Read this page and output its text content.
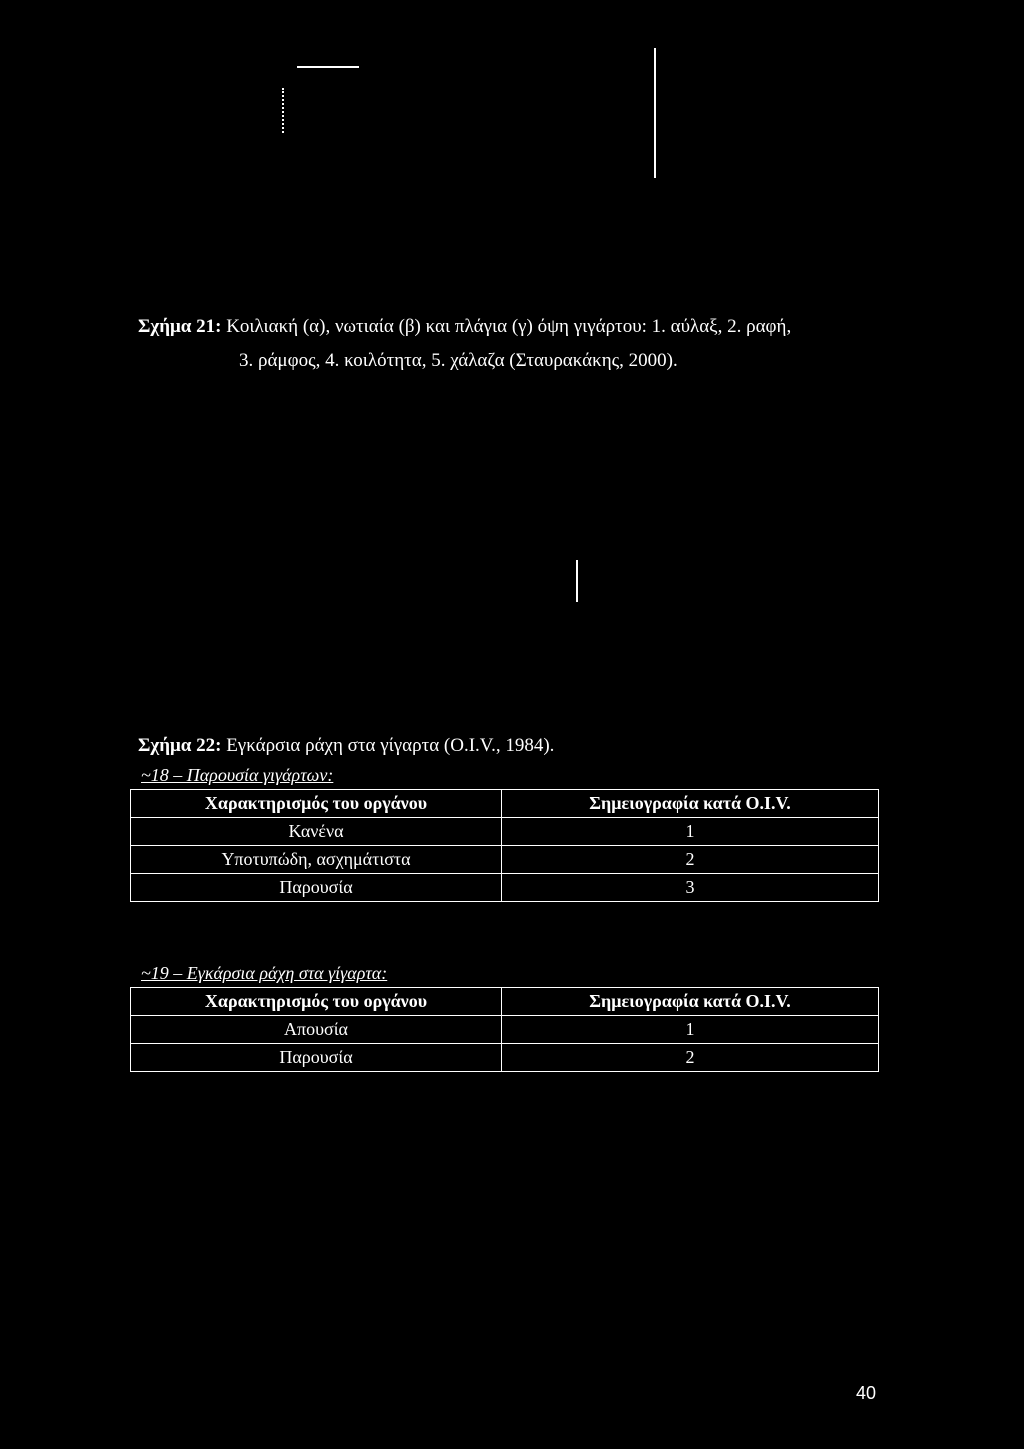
Σχήμα 21: Κοιλιακή (α), νωτιαία (β) και πλάγια (γ) όψη γιγάρτου: 1. αύλαξ, 2. ραφή,
3. ράμφος, 4. κοιλότητα, 5. χάλαζα (Σταυρακάκης, 2000).
Σχήμα 22: Εγκάρσια ράχη στα γίγαρτα (O.I.V., 1984).
~18 – Παρουσία γιγάρτων:
Χαρακτηρισμός του οργάνου	Σημειογραφία κατά O.I.V.
Κανένα	1
Υποτυπώδη, ασχημάτιστα	2
Παρουσία	3
~19 – Εγκάρσια ράχη στα γίγαρτα:
Χαρακτηρισμός του οργάνου	Σημειογραφία κατά O.I.V.
Απουσία	1
Παρουσία	2
40
